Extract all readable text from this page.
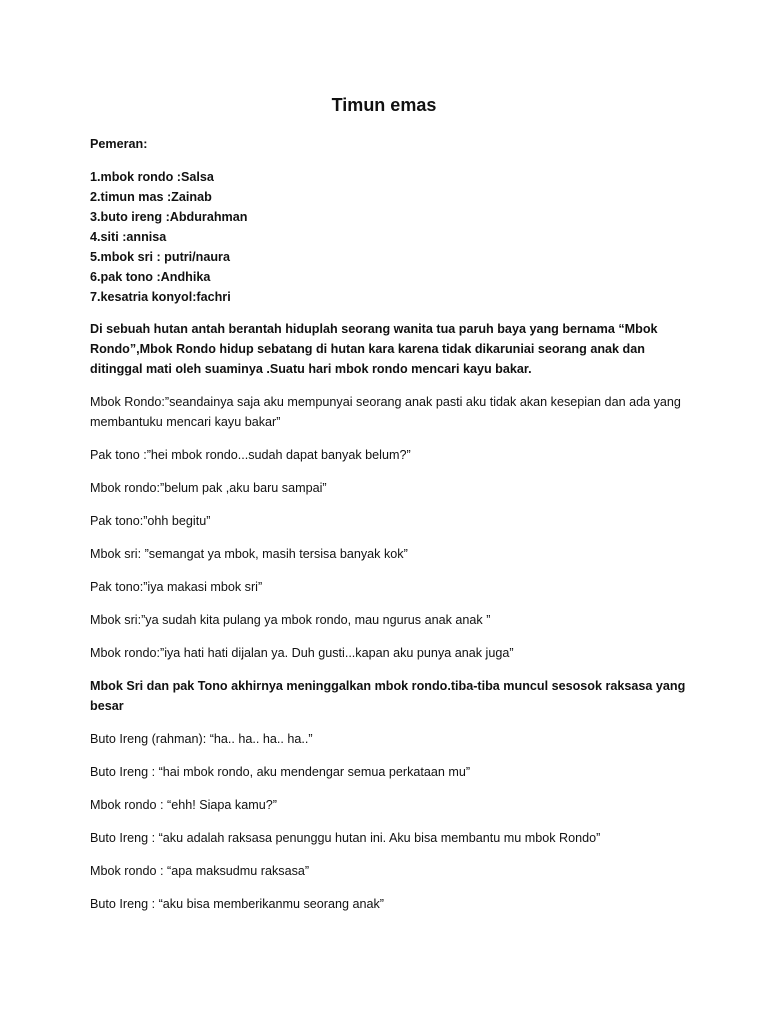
Timun emas

Pemeran:

1.mbok rondo :Salsa
2.timun mas :Zainab
3.buto ireng :Abdurahman
4.siti :annisa
5.mbok sri : putri/naura
6.pak tono :Andhika
7.kesatria konyol:fachri

Di sebuah hutan antah berantah hiduplah seorang wanita tua paruh baya yang bernama “Mbok Rondo”,Mbok Rondo hidup sebatang di hutan kara karena tidak dikaruniai seorang anak dan ditinggal mati oleh suaminya .Suatu hari mbok rondo mencari kayu bakar.

Mbok Rondo:”seandainya saja aku mempunyai seorang anak pasti aku tidak akan kesepian dan ada yang membantuku mencari kayu bakar”

Pak tono :”hei mbok rondo...sudah dapat banyak belum?”

Mbok rondo:”belum pak ,aku baru sampai”

Pak tono:”ohh begitu”

Mbok sri: ”semangat ya mbok, masih tersisa banyak kok”

Pak tono:”iya makasi mbok sri”

Mbok sri:”ya sudah kita pulang ya mbok rondo, mau ngurus anak anak ”

Mbok rondo:”iya hati hati dijalan ya. Duh gusti...kapan aku punya anak juga”

Mbok Sri dan pak Tono akhirnya meninggalkan mbok rondo.tiba-tiba muncul sesosok raksasa yang besar

Buto Ireng (rahman): “ha.. ha.. ha.. ha..”

Buto Ireng : “hai mbok rondo, aku mendengar semua perkataan mu”

Mbok rondo : “ehh! Siapa kamu?”

Buto Ireng : “aku adalah raksasa penunggu hutan ini. Aku bisa membantu mu mbok Rondo”

Mbok rondo : “apa maksudmu raksasa”

Buto Ireng : “aku bisa memberikanmu seorang anak”
